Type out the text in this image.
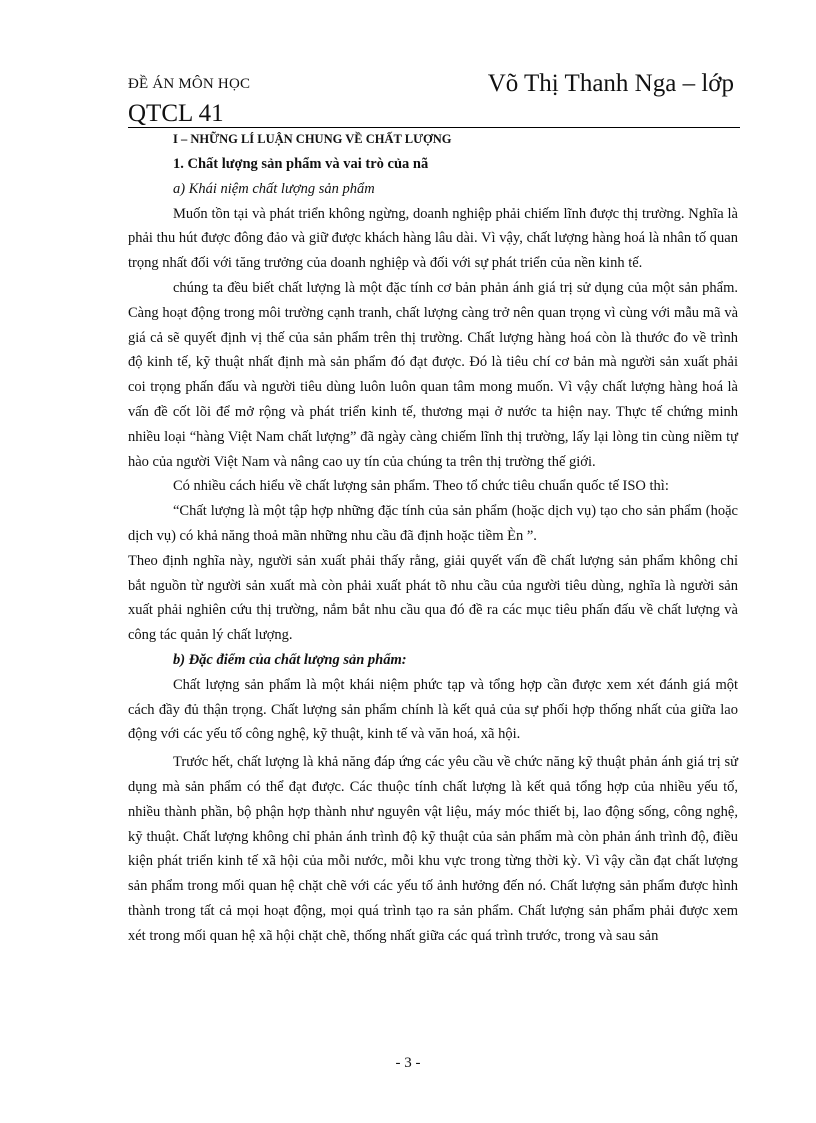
ĐỀ ÁN MÔN HỌC	Võ Thị Thanh Nga – lớp
QTCL 41

I – NHỮNG LÍ LUẬN CHUNG VỀ CHẤT LƯỢNG

1. Chất lượng sản phẩm và vai trò của nã

a) Khái niệm chất lượng sản phẩm

Muốn tồn tại và phát triển không ngừng, doanh nghiệp phải chiếm lĩnh được thị trường. Nghĩa là phải thu hút được đông đảo và giữ được khách hàng lâu dài. Vì vậy, chất lượng hàng hoá là nhân tố quan trọng nhất đối với tăng trưởng của doanh nghiệp và đối với sự phát triển của nền kinh tế.

chúng ta đều biết chất lượng là một đặc tính cơ bản phản ánh giá trị sử dụng của một sản phẩm. Càng hoạt động trong môi trường cạnh tranh, chất lượng càng trở nên quan trọng vì cùng với mẫu mã và giá cả sẽ quyết định vị thế của sản phẩm trên thị trường. Chất lượng hàng hoá còn là thước đo về trình độ kinh tế, kỹ thuật nhất định mà sản phẩm đó đạt được. Đó là tiêu chí cơ bản mà người sản xuất phải coi trọng phấn đấu và người tiêu dùng luôn luôn quan tâm mong muốn. Vì vậy chất lượng hàng hoá là vấn đề cốt lõi để mở rộng và phát triển kinh tế, thương mại ở nước ta hiện nay. Thực tế chứng minh nhiều loại “hàng Việt Nam chất lượng” đã ngày càng chiếm lĩnh thị trường, lấy lại lòng tin cùng niềm tự hào của người Việt Nam và nâng cao uy tín của chúng ta trên thị trường thế giới.

Có nhiều cách hiểu về chất lượng sản phẩm. Theo tổ chức tiêu chuẩn quốc tế ISO thì:

“Chất lượng là một tập hợp những đặc tính của sản phẩm (hoặc dịch vụ) tạo cho sản phẩm (hoặc dịch vụ) có khả năng thoả mãn những nhu cầu đã định hoặc tiềm Èn ”.

Theo định nghĩa này, người sản xuất phải thấy rằng, giải quyết vấn đề chất lượng sản phẩm không chỉ bắt nguồn từ người sản xuất mà còn phải xuất phát tõ nhu cầu của người tiêu dùng, nghĩa là người sản xuất phải nghiên cứu thị trường, nắm bắt nhu cầu qua đó đề ra các mục tiêu phấn đấu về chất lượng và công tác quản lý chất lượng.

b) Đặc điểm của chất lượng sản phẩm:

Chất lượng sản phẩm là một khái niệm phức tạp và tổng hợp cần được xem xét đánh giá một cách đầy đủ thận trọng. Chất lượng sản phẩm chính là kết quả của sự phối hợp thống nhất của giữa lao động với các yếu tố công nghệ, kỹ thuật, kinh tế và văn hoá, xã hội.

Trước hết, chất lượng là khả năng đáp ứng các yêu cầu về chức năng kỹ thuật phản ánh giá trị sử dụng mà sản phẩm có thể đạt được. Các thuộc tính chất lượng là kết quả tổng hợp của nhiều yếu tố, nhiều thành phần, bộ phận hợp thành như nguyên vật liệu, máy móc thiết bị, lao động sống, công nghệ, kỹ thuật. Chất lượng không chỉ phản ánh trình độ kỹ thuật của sản phẩm mà còn phản ánh trình độ, điều kiện phát triển kinh tế xã hội của mỗi nước, mỗi khu vực trong từng thời kỳ. Vì vậy cần đạt chất lượng sản phẩm trong mối quan hệ chặt chẽ với các yếu tố ảnh hưởng đến nó. Chất lượng sản phẩm được hình thành trong tất cả mọi hoạt động, mọi quá trình tạo ra sản phẩm. Chất lượng sản phẩm phải được xem xét trong mối quan hệ xã hội chặt chẽ, thống nhất giữa các quá trình trước, trong và sau sản

- 3 -
